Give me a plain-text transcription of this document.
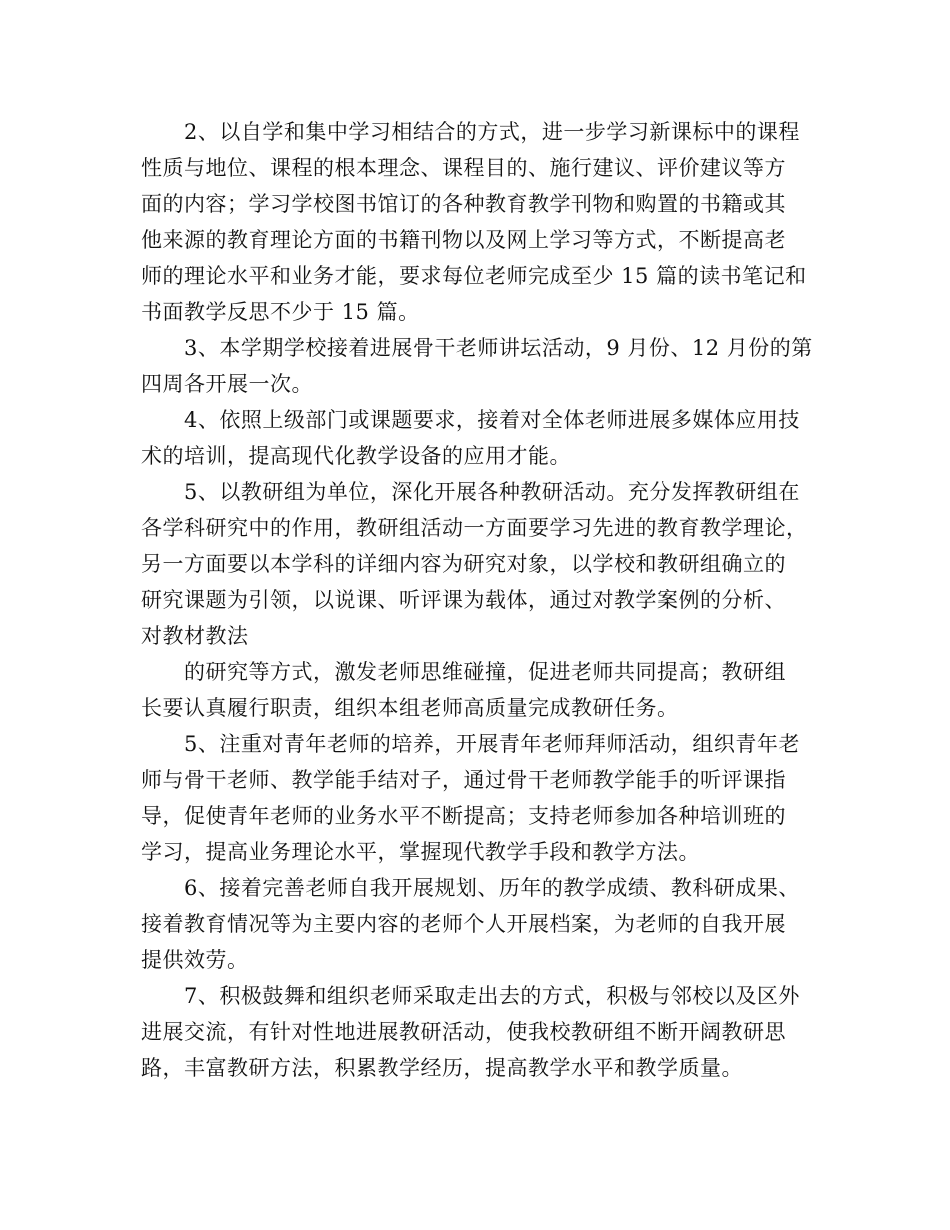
2、以自学和集中学习相结合的方式，进一步学习新课标中的课程
性质与地位、课程的根本理念、课程目的、施行建议、评价建议等方
面的内容；学习学校图书馆订的各种教育教学刊物和购置的书籍或其
他来源的教育理论方面的书籍刊物以及网上学习等方式，不断提高老
师的理论水平和业务才能，要求每位老师完成至少 15 篇的读书笔记和
书面教学反思不少于 15 篇。
3、本学期学校接着进展骨干老师讲坛活动，9 月份、12 月份的第
四周各开展一次。
4、依照上级部门或课题要求，接着对全体老师进展多媒体应用技
术的培训，提高现代化教学设备的应用才能。
5、以教研组为单位，深化开展各种教研活动。充分发挥教研组在
各学科研究中的作用，教研组活动一方面要学习先进的教育教学理论，
另一方面要以本学科的详细内容为研究对象，以学校和教研组确立的
研究课题为引领，以说课、听评课为载体，通过对教学案例的分析、
对教材教法
的研究等方式，激发老师思维碰撞，促进老师共同提高；教研组
长要认真履行职责，组织本组老师高质量完成教研任务。
5、注重对青年老师的培养，开展青年老师拜师活动，组织青年老
师与骨干老师、教学能手结对子，通过骨干老师教学能手的听评课指
导，促使青年老师的业务水平不断提高；支持老师参加各种培训班的
学习，提高业务理论水平，掌握现代教学手段和教学方法。
6、接着完善老师自我开展规划、历年的教学成绩、教科研成果、
接着教育情况等为主要内容的老师个人开展档案，为老师的自我开展
提供效劳。
7、积极鼓舞和组织老师采取走出去的方式，积极与邻校以及区外
进展交流，有针对性地进展教研活动，使我校教研组不断开阔教研思
路，丰富教研方法，积累教学经历，提高教学水平和教学质量。
